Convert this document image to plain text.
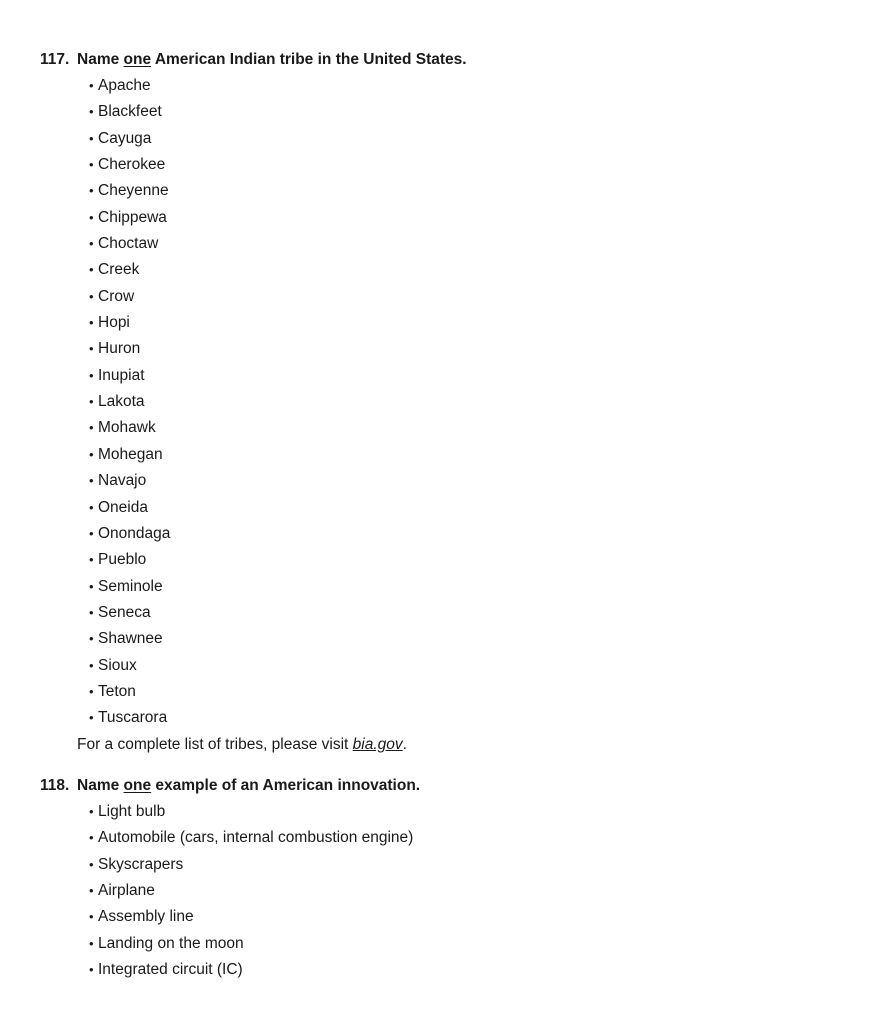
117. Name one American Indian tribe in the United States.
• Apache
• Blackfeet
• Cayuga
• Cherokee
• Cheyenne
• Chippewa
• Choctaw
• Creek
• Crow
• Hopi
• Huron
• Inupiat
• Lakota
• Mohawk
• Mohegan
• Navajo
• Oneida
• Onondaga
• Pueblo
• Seminole
• Seneca
• Shawnee
• Sioux
• Teton
• Tuscarora
For a complete list of tribes, please visit bia.gov.
118. Name one example of an American innovation.
• Light bulb
• Automobile (cars, internal combustion engine)
• Skyscrapers
• Airplane
• Assembly line
• Landing on the moon
• Integrated circuit (IC)
